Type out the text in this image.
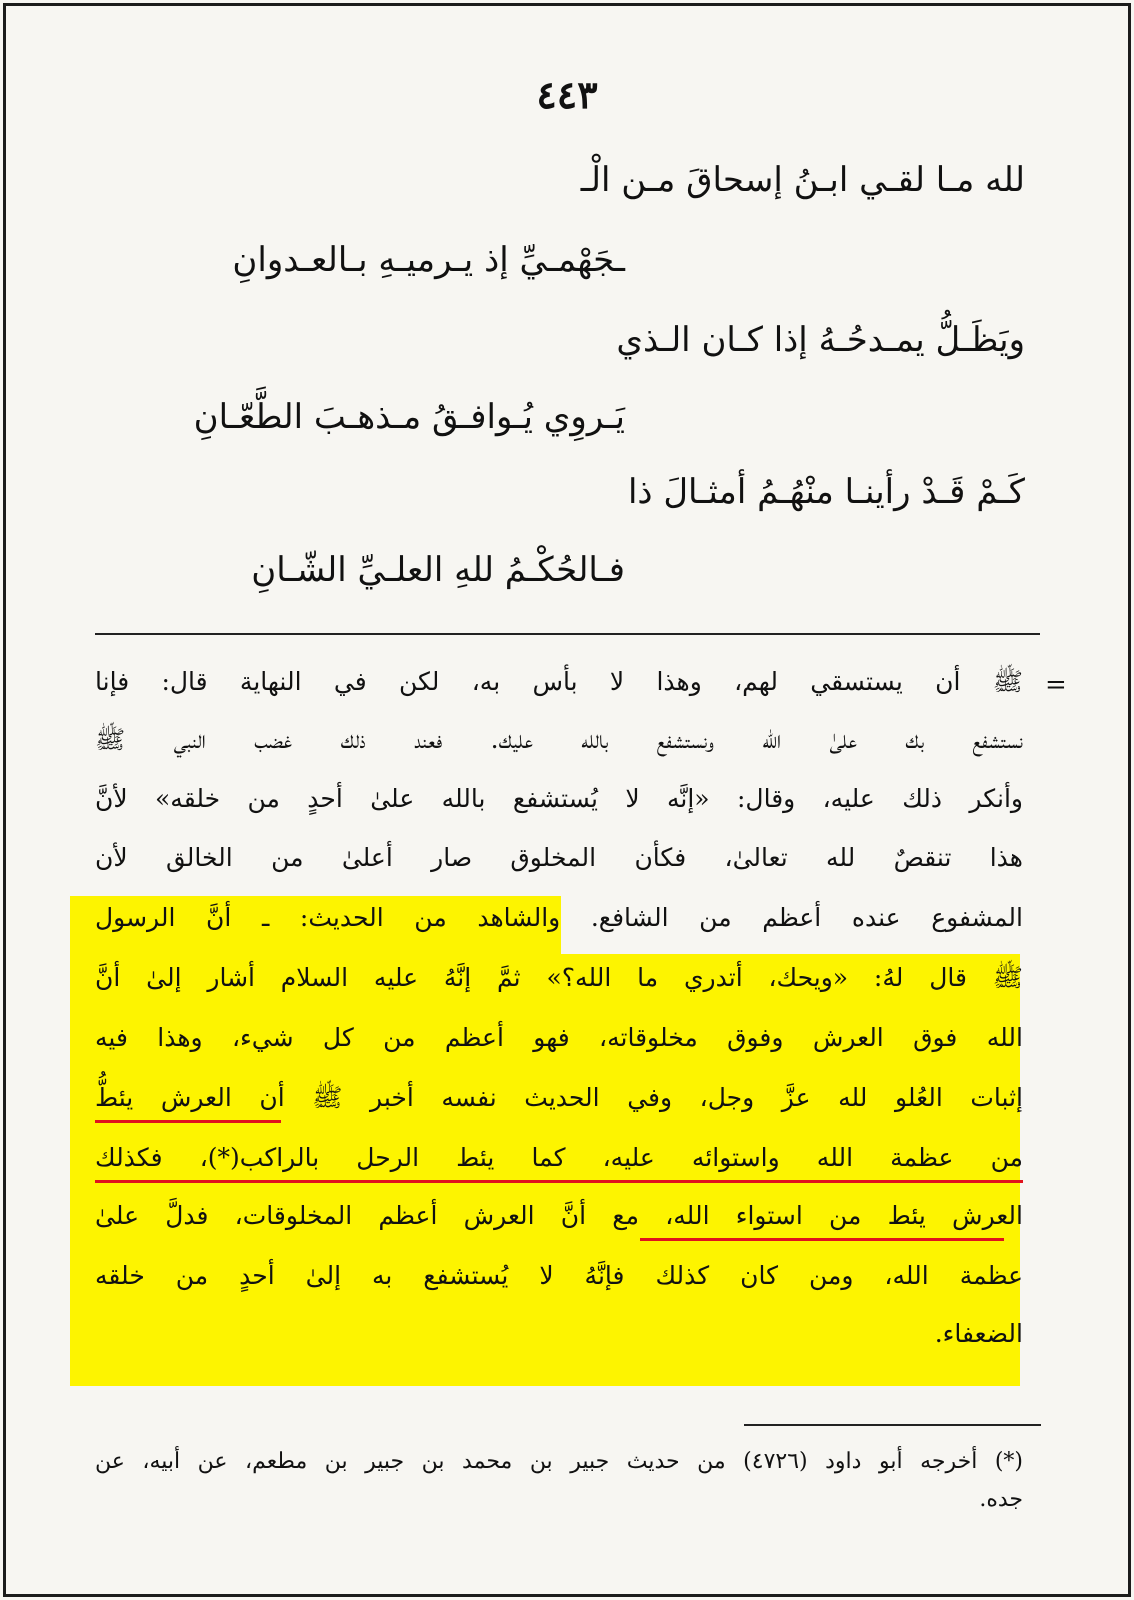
٤٤٣
لله مـا لقـي ابـنُ إسحاقَ مـن الْـ
ـجَهْمـيِّ إذ يـرميـهِ بـالعـدوانِ
ويَظَـلُّ يمـدحُـهُ إذا كـان الـذي
يَـروِي يُـوافـقُ مـذهـبَ الطَّعّـانِ
كَـمْ قَـدْ رأينـا منْهُـمُ أمثـالَ ذا
فـالحُكْـمُ للهِ العلـيِّ الشّـانِ
=
ﷺ أن يستسقي لهم، وهذا لا بأس به، لكن في النهاية قال: فإنا
نستشفع بك علىٰ الله ونستشفع بالله عليك. فعند ذلك غضب النبي ﷺ
وأنكر ذلك عليه، وقال: «إنَّه لا يُستشفع بالله علىٰ أحدٍ من خلقه» لأنَّ
هذا تنقصٌ لله تعالىٰ، فكأن المخلوق صار أعلىٰ من الخالق لأن
المشفوع عنده أعظم من الشافع. والشاهد من الحديث: ـ أنَّ الرسول
ﷺ قال لهُ: «ويحك، أتدري ما الله؟» ثمَّ إنَّهُ عليه السلام أشار إلىٰ أنَّ
الله فوق العرش وفوق مخلوقاته، فهو أعظم من كل شيء، وهذا فيه
إثبات العُلو لله عزَّ وجل، وفي الحديث نفسه أخبر ﷺ أن العرش يئطُّ
من عظمة الله واستوائه عليه، كما يئط الرحل بالراكب(*)، فكذلك
العرش يئط من استواء الله، مع أنَّ العرش أعظم المخلوقات، فدلَّ علىٰ
عظمة الله، ومن كان كذلك فإنَّهُ لا يُستشفع به إلىٰ أحدٍ من خلقه
الضعفاء.
(*) أخرجه أبو داود (٤٧٢٦) من حديث جبير بن محمد بن جبير بن مطعم، عن أبيه، عن
جده.
